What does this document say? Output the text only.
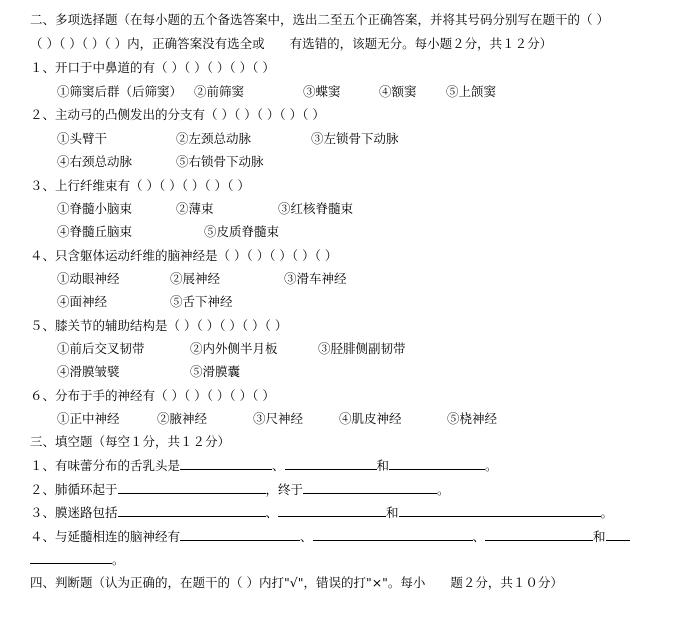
二、多项选择题（在每小题的五个备选答案中，选出二至五个正确答案，并将其号码分别写在题干的（ ）
（ ）（ ）（ ）（ ）内，正确答案没有选全或　　有选错的，该题无分。每小题２分，共１２分）
１、开口于中鼻道的有（ ）（ ）（ ）（ ）（ ）
①筛窦后群（后筛窦） ②前筛窦	③蝶窦	④额窦 ⑤上颌窦
２、主动弓的凸侧发出的分支有（ ）（ ）（ ）（ ）（ ）
①头臂干	②左颈总动脉	③左锁骨下动脉
④右颈总动脉	⑤右锁骨下动脉
３、上行纤维束有（ ）（ ）（ ）（ ）（ ）
①脊髓小脑束	②薄束	③红核脊髓束
④脊髓丘脑束	⑤皮质脊髓束
４、只含躯体运动纤维的脑神经是（ ）（ ）（ ）（ ）（ ）
①动眼神经	②展神经	③滑车神经
④面神经	⑤舌下神经
５、膝关节的辅助结构是（ ）（ ）（ ）（ ）（ ）
①前后交叉韧带	②内外侧半月板	③胫腓侧副韧带
④滑膜皱襞	⑤滑膜囊
６、分布于手的神经有（ ）（ ）（ ）（ ）（ ）
①正中神经	②腋神经	③尺神经	④肌皮神经	⑤桡神经
三、填空题（每空１分，共１２分）
１、有味蕾分布的舌乳头是	、	和	。
２、肺循环起于	，终于	。
３、膜迷路包括	、	和	。
４、与延髓相连的脑神经有	、	、	和
。
四、判断题（认为正确的，在题干的（ ）内打"√"，错误的打"×"。每小　　题２分，共１０分）
